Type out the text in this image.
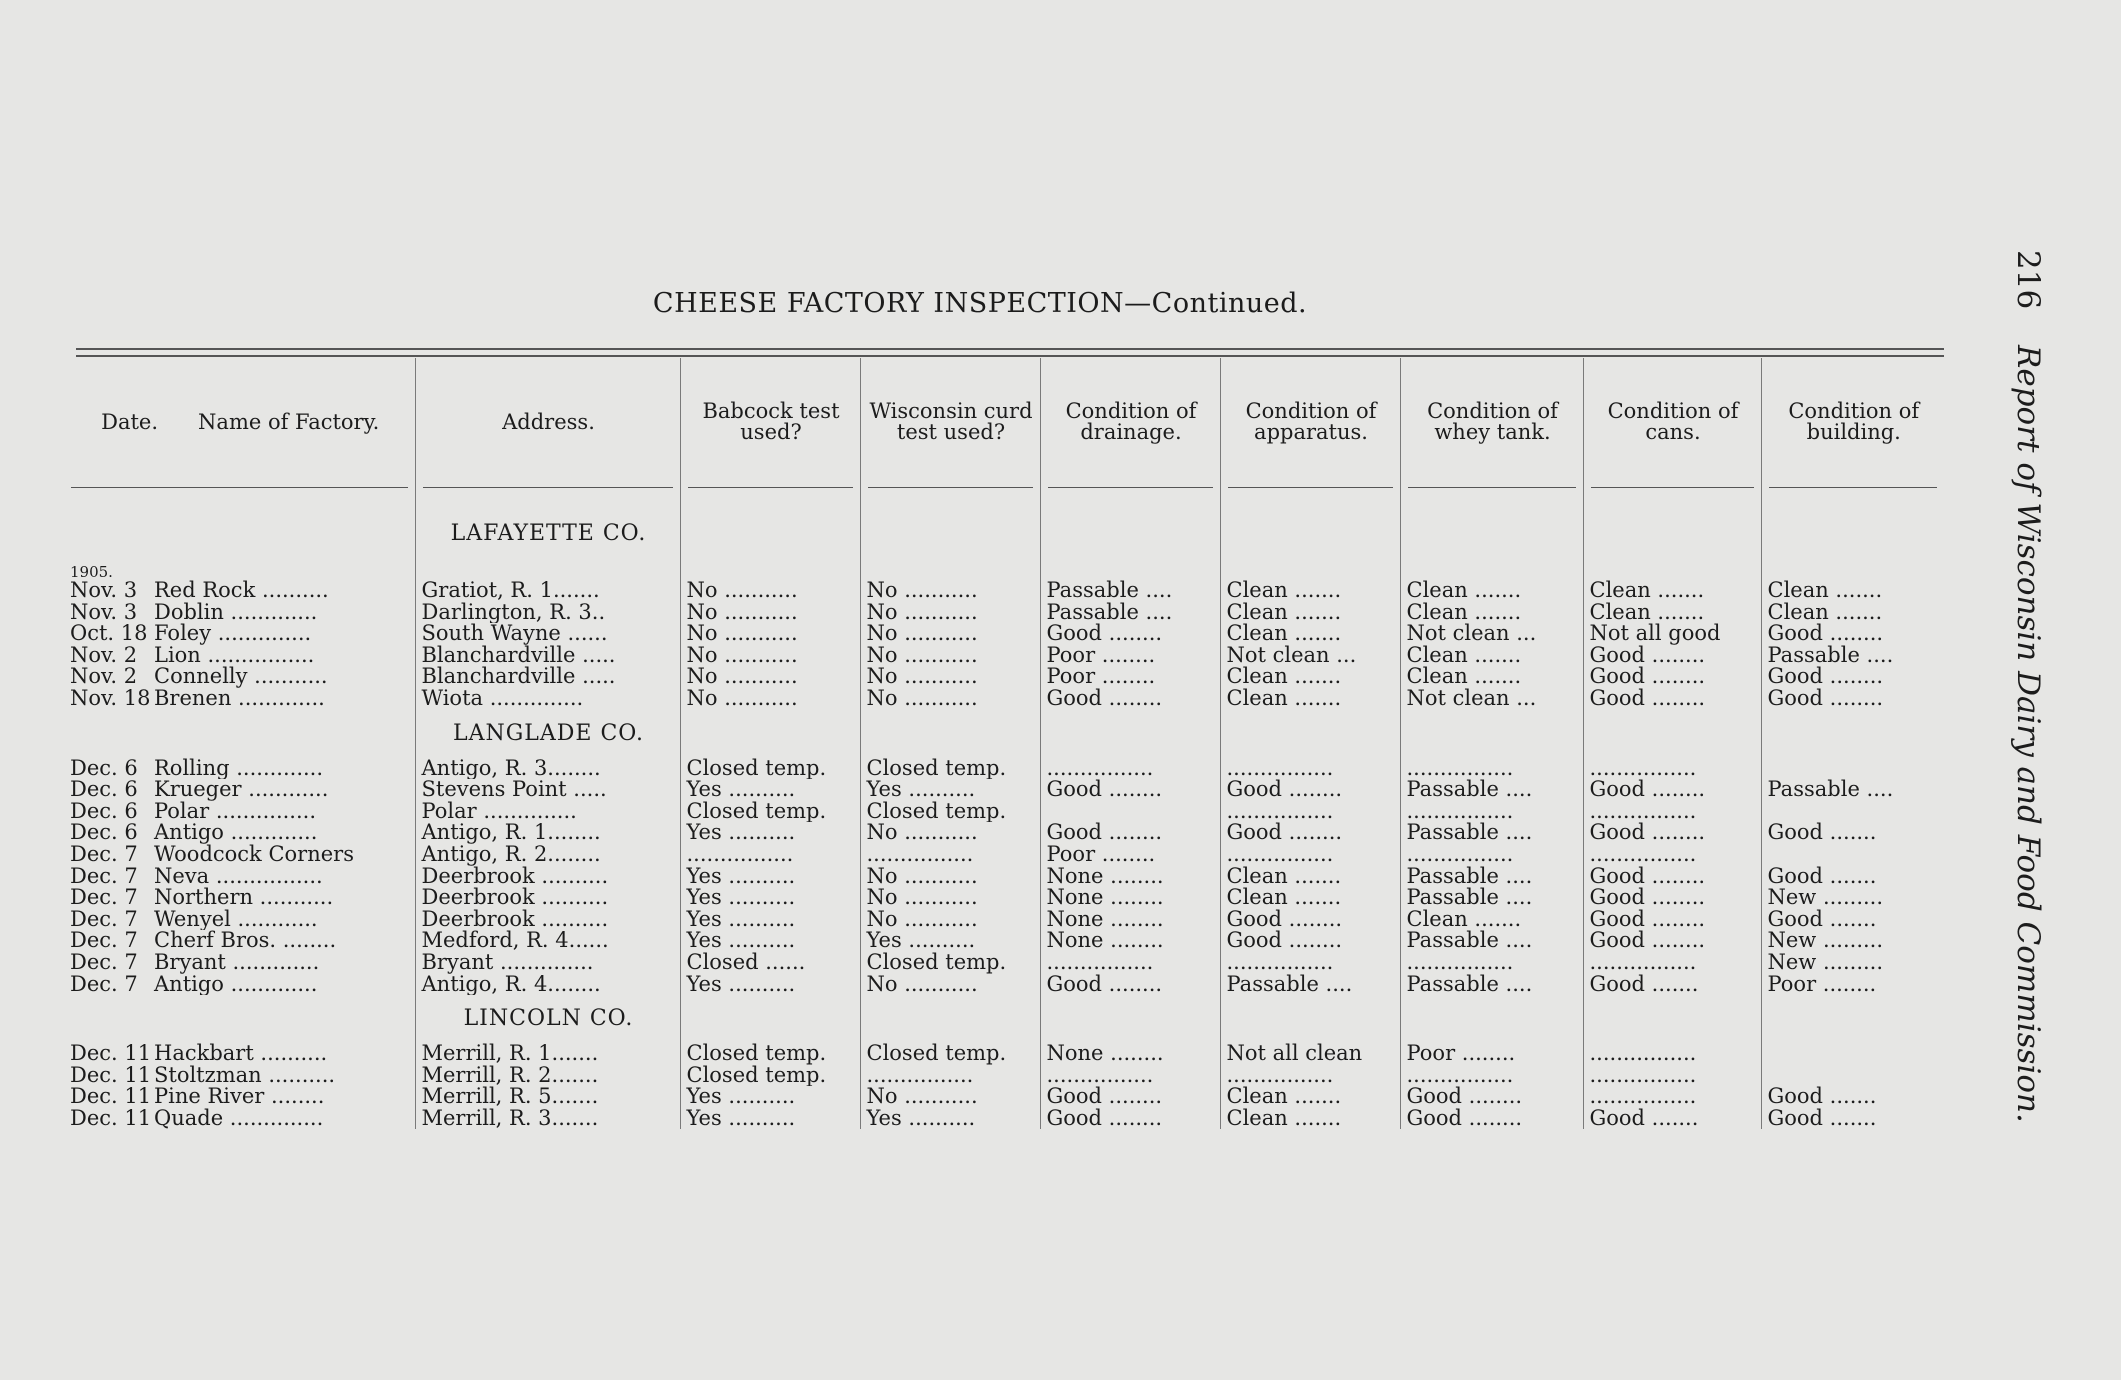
CHEESE FACTORY INSPECTION—Continued.	216 Report of Wisconsin Dairy and Food Commission.
Date. Name of Factory.	Address.	Babcock test used?	Wisconsin curd test used?	Condition of drainage.	Condition of apparatus.	Condition of whey tank.	Condition of cans.	Condition of building.

	LAFAYETTE CO.							

1905.								
Nov. 3 Red Rock ..........	Gratiot, R. 1.......	No ...........	No ...........	Passable ....	Clean .......	Clean .......	Clean .......	Clean .......
Nov. 3 Doblin .............	Darlington, R. 3..	No ...........	No ...........	Passable ....	Clean .......	Clean .......	Clean .......	Clean .......
Oct. 18 Foley ..............	South Wayne ......	No ...........	No ...........	Good ........	Clean .......	Not clean ...	Not all good	Good ........
Nov. 2 Lion ................	Blanchardville .....	No ...........	No ...........	Poor ........	Not clean ...	Clean .......	Good ........	Passable ....
Nov. 2 Connelly ...........	Blanchardville .....	No ...........	No ...........	Poor ........	Clean .......	Clean .......	Good ........	Good ........
Nov. 18 Brenen .............	Wiota ..............	No ...........	No ...........	Good ........	Clean .......	Not clean ...	Good ........	Good ........

	LANGLADE CO.							

Dec. 6 Rolling .............	Antigo, R. 3........	Closed temp.	Closed temp.	................	................	................	................	
Dec. 6 Krueger ............	Stevens Point .....	Yes ..........	Yes ..........	Good ........	Good ........	Passable ....	Good ........	Passable ....
Dec. 6 Polar ...............	Polar ..............	Closed temp.	Closed temp.		................	................	................	
Dec. 6 Antigo .............	Antigo, R. 1........	Yes ..........	No ...........	Good ........	Good ........	Passable ....	Good ........	Good .......
Dec. 7 Woodcock Corners	Antigo, R. 2........	................	................	Poor ........	................	................	................	
Dec. 7 Neva ................	Deerbrook ..........	Yes ..........	No ...........	None ........	Clean .......	Passable ....	Good ........	Good .......
Dec. 7 Northern ...........	Deerbrook ..........	Yes ..........	No ...........	None ........	Clean .......	Passable ....	Good ........	New .........
Dec. 7 Wenyel ............	Deerbrook ..........	Yes ..........	No ...........	None ........	Good ........	Clean .......	Good ........	Good .......
Dec. 7 Cherf Bros. ........	Medford, R. 4......	Yes ..........	Yes ..........	None ........	Good ........	Passable ....	Good ........	New .........
Dec. 7 Bryant .............	Bryant ..............	Closed ......	Closed temp.	................	................	................	................	New .........
Dec. 7 Antigo .............	Antigo, R. 4........	Yes ..........	No ...........	Good ........	Passable ....	Passable ....	Good .......	Poor ........

	LINCOLN CO.							

Dec. 11 Hackbart ..........	Merrill, R. 1.......	Closed temp.	Closed temp.	None ........	Not all clean	Poor ........	................	
Dec. 11 Stoltzman ..........	Merrill, R. 2.......	Closed temp.	................	................	................	................	................	
Dec. 11 Pine River ........	Merrill, R. 5.......	Yes ..........	No ...........	Good ........	Clean .......	Good ........	................	Good .......
Dec. 11 Quade ..............	Merrill, R. 3.......	Yes ..........	Yes ..........	Good ........	Clean .......	Good ........	Good .......	Good .......
